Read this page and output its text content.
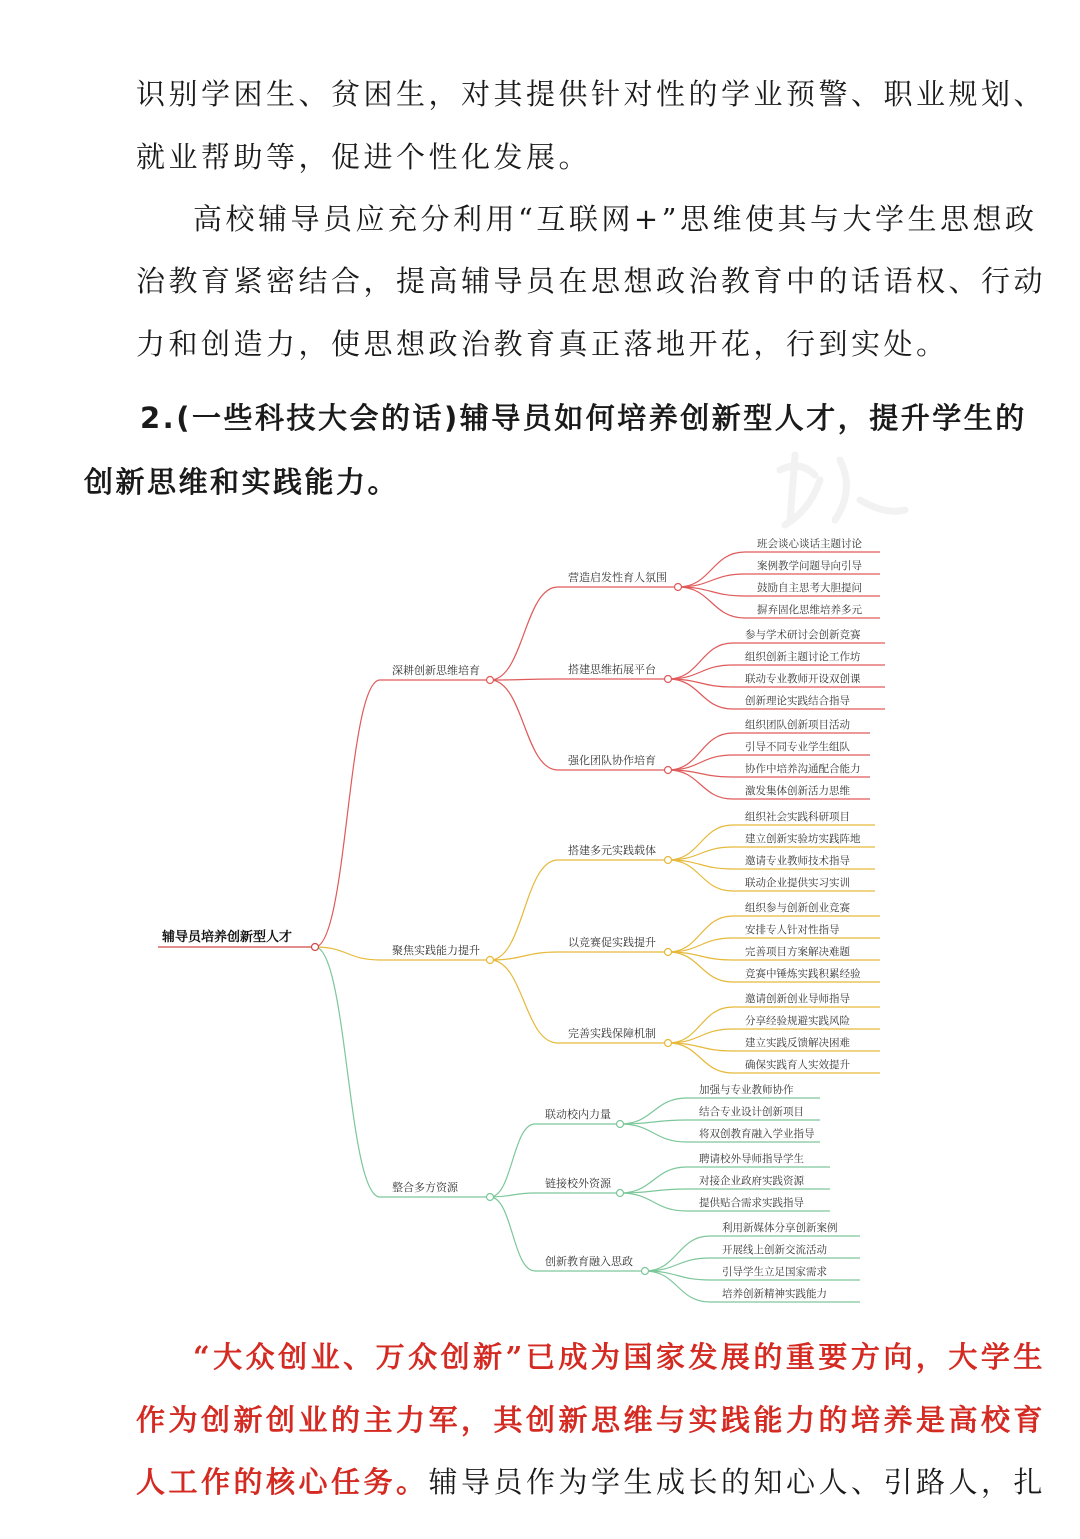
识别学困生、贫困生，对其提供针对性的学业预警、职业规划、
就业帮助等，促进个性化发展。
高校辅导员应充分利用“互联网+”思维使其与大学生思想政
治教育紧密结合，提高辅导员在思想政治教育中的话语权、行动
力和创造力，使思想政治教育真正落地开花，行到实处。
2.(一些科技大会的话)辅导员如何培养创新型人才，提升学生的
创新思维和实践能力。
辅导员培养创新型人才
深耕创新思维培育
营造启发性育人氛围
班会谈心谈话主题讨论
案例教学问题导向引导
鼓励自主思考大胆提问
摒弃固化思维培养多元
搭建思维拓展平台
参与学术研讨会创新竞赛
组织创新主题讨论工作坊
联动专业教师开设双创课
创新理论实践结合指导
强化团队协作培育
组织团队创新项目活动
引导不同专业学生组队
协作中培养沟通配合能力
激发集体创新活力思维
聚焦实践能力提升
搭建多元实践载体
组织社会实践科研项目
建立创新实验坊实践阵地
邀请专业教师技术指导
联动企业提供实习实训
以竞赛促实践提升
组织参与创新创业竞赛
安排专人针对性指导
完善项目方案解决难题
竞赛中锤炼实践积累经验
完善实践保障机制
邀请创新创业导师指导
分享经验规避实践风险
建立实践反馈解决困难
确保实践育人实效提升
整合多方资源
联动校内力量
加强与专业教师协作
结合专业设计创新项目
将双创教育融入学业指导
链接校外资源
聘请校外导师指导学生
对接企业政府实践资源
提供贴合需求实践指导
创新教育融入思政
利用新媒体分享创新案例
开展线上创新交流活动
引导学生立足国家需求
培养创新精神实践能力
“大众创业、万众创新”已成为国家发展的重要方向，大学生
作为创新创业的主力军，其创新思维与实践能力的培养是高校育
人工作的核心任务。辅导员作为学生成长的知心人、引路人，扎
